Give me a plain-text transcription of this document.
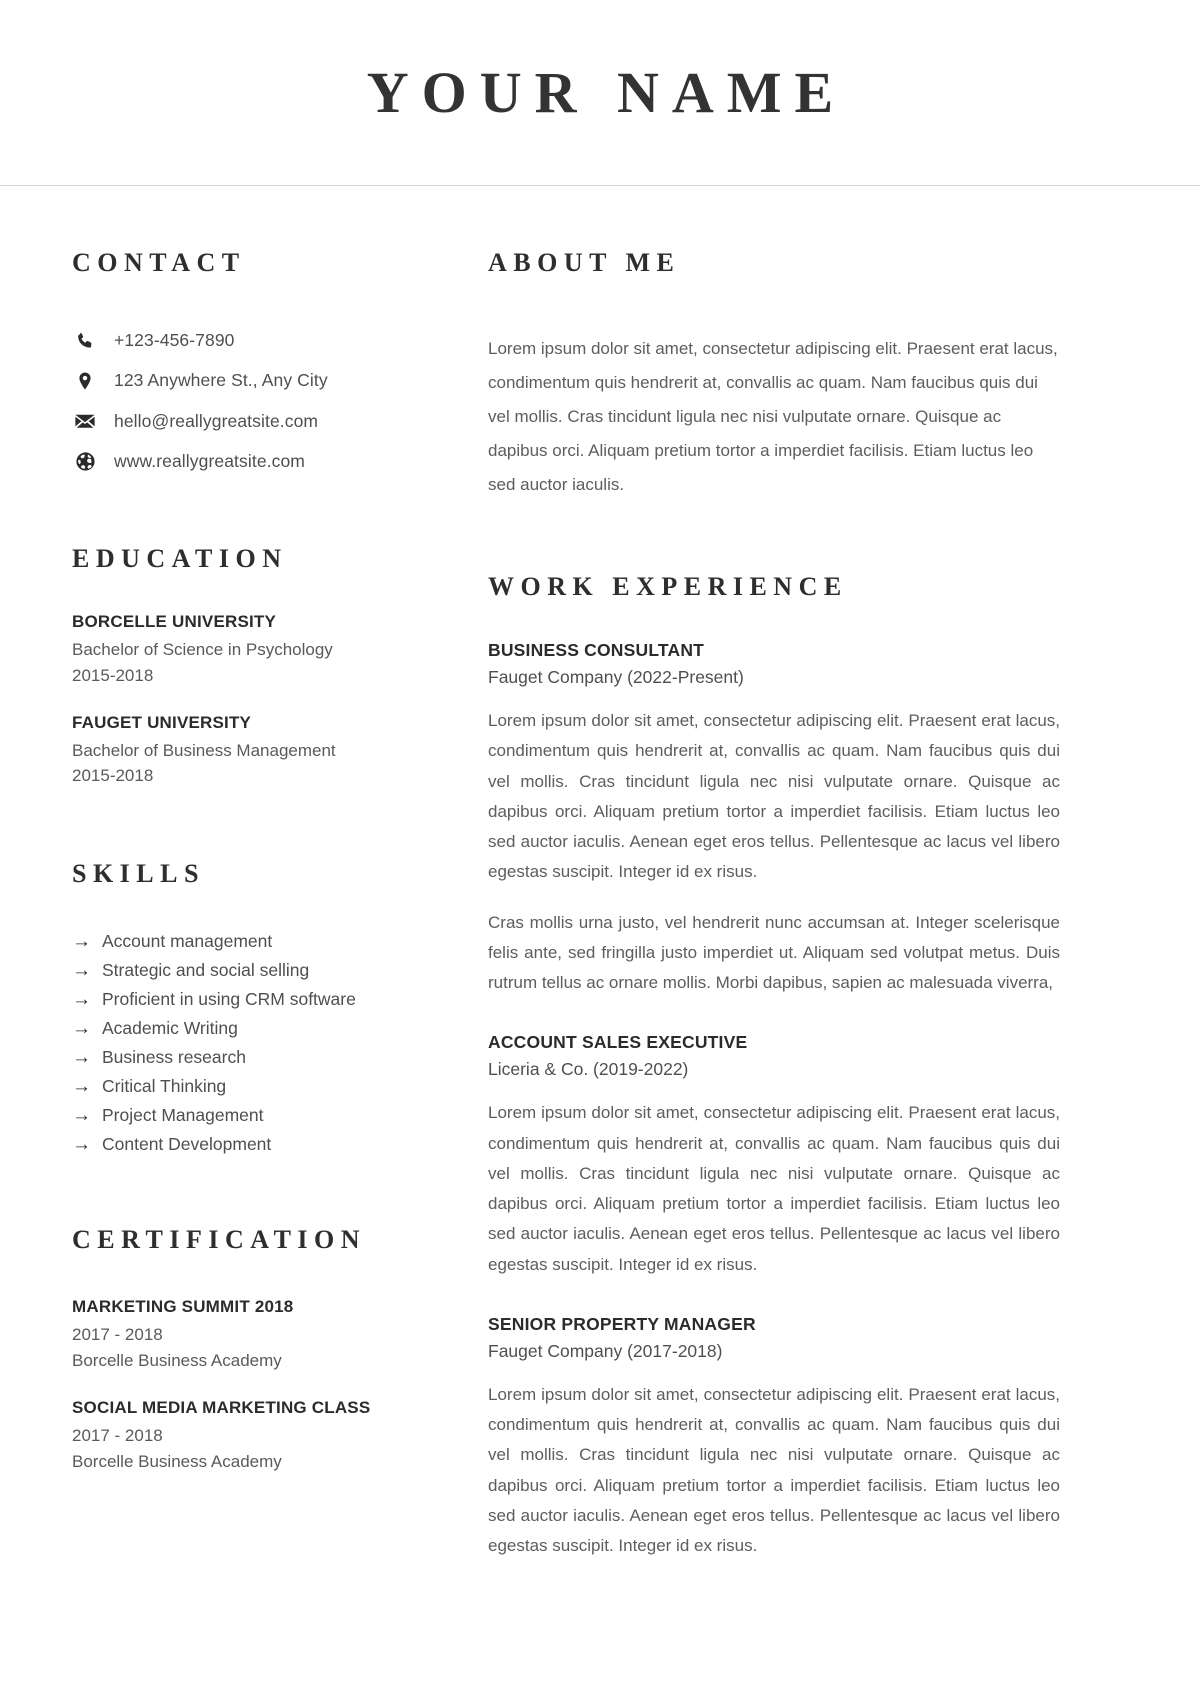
YOUR NAME
CONTACT
+123-456-7890
123 Anywhere St., Any City
hello@reallygreatsite.com
www.reallygreatsite.com
EDUCATION
BORCELLE UNIVERSITY
Bachelor of Science in Psychology
2015-2018
FAUGET UNIVERSITY
Bachelor of Business Management
2015-2018
SKILLS
→ Account management
→ Strategic and social selling
→ Proficient in using CRM software
→ Academic Writing
→ Business research
→ Critical Thinking
→ Project Management
→ Content Development
CERTIFICATION
MARKETING SUMMIT 2018
2017 - 2018
Borcelle Business Academy
SOCIAL MEDIA MARKETING CLASS
2017 - 2018
Borcelle Business Academy
ABOUT ME

Lorem ipsum dolor sit amet, consectetur adipiscing elit. Praesent erat lacus, condimentum quis hendrerit at, convallis ac quam. Nam faucibus quis dui vel mollis. Cras tincidunt ligula nec nisi vulputate ornare. Quisque ac dapibus orci. Aliquam pretium tortor a imperdiet facilisis. Etiam luctus leo sed auctor iaculis.

WORK EXPERIENCE
BUSINESS CONSULTANT
Fauget Company (2022-Present)

Lorem ipsum dolor sit amet, consectetur adipiscing elit. Praesent erat lacus, condimentum quis hendrerit at, convallis ac quam. Nam faucibus quis dui vel mollis. Cras tincidunt ligula nec nisi vulputate ornare. Quisque ac dapibus orci. Aliquam pretium tortor a imperdiet facilisis. Etiam luctus leo sed auctor iaculis. Aenean eget eros tellus. Pellentesque ac lacus vel libero egestas suscipit. Integer id ex risus.

Cras mollis urna justo, vel hendrerit nunc accumsan at. Integer scelerisque felis ante, sed fringilla justo imperdiet ut. Aliquam sed volutpat metus. Duis rutrum tellus ac ornare mollis. Morbi dapibus, sapien ac malesuada viverra,

ACCOUNT SALES EXECUTIVE
Liceria & Co. (2019-2022)

Lorem ipsum dolor sit amet, consectetur adipiscing elit. Praesent erat lacus, condimentum quis hendrerit at, convallis ac quam. Nam faucibus quis dui vel mollis. Cras tincidunt ligula nec nisi vulputate ornare. Quisque ac dapibus orci. Aliquam pretium tortor a imperdiet facilisis. Etiam luctus leo sed auctor iaculis. Aenean eget eros tellus. Pellentesque ac lacus vel libero egestas suscipit. Integer id ex risus.

SENIOR PROPERTY MANAGER
Fauget Company (2017-2018)

Lorem ipsum dolor sit amet, consectetur adipiscing elit. Praesent erat lacus, condimentum quis hendrerit at, convallis ac quam. Nam faucibus quis dui vel mollis. Cras tincidunt ligula nec nisi vulputate ornare. Quisque ac dapibus orci. Aliquam pretium tortor a imperdiet facilisis. Etiam luctus leo sed auctor iaculis. Aenean eget eros tellus. Pellentesque ac lacus vel libero egestas suscipit. Integer id ex risus.
